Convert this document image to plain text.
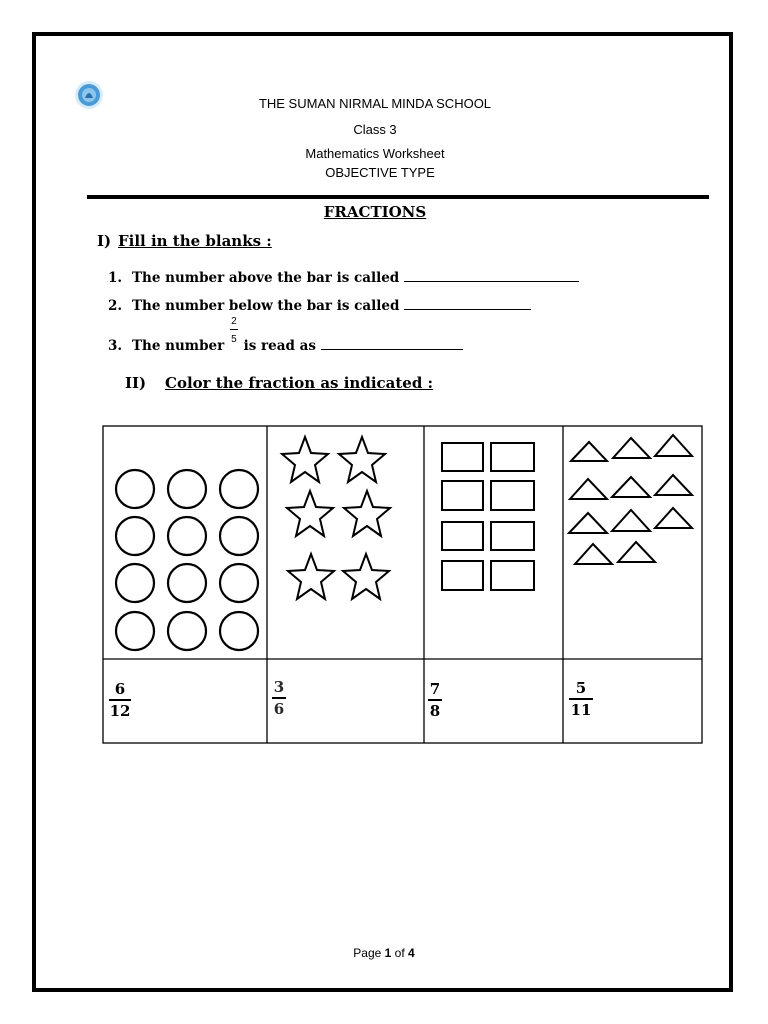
THE SUMAN NIRMAL MINDA SCHOOL
Class 3
Mathematics Worksheet
OBJECTIVE TYPE
FRACTIONS
I) Fill in the blanks :
1. The number above the bar is called
2. The number below the bar is called
3. The number $\frac{2}{5}$ is read as
II) Color the fraction as indicated :
6
12
3
6
7
8
5
11
Page 1 of 4
